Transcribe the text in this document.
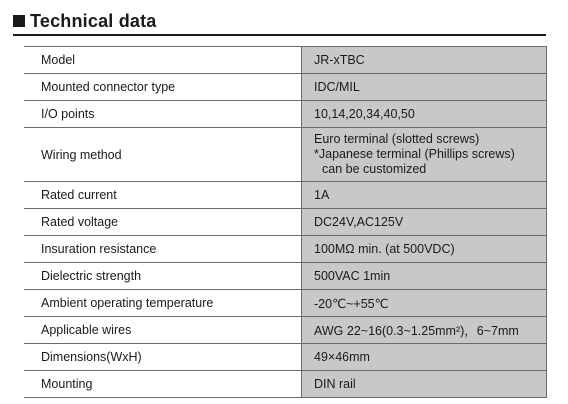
Technical data
Model	JR-xTBC
Mounted connector type	IDC/MIL
I/O points	10,14,20,34,40,50
Wiring method	Euro terminal (slotted screws)
*Japanese terminal (Phillips screws)
can be customized

Rated current	1A
Rated voltage	DC24V,AC125V
Insuration resistance	100MΩ min. (at 500VDC)
Dielectric strength	500VAC 1min
Ambient operating temperature	-20℃~+55℃
Applicable wires	AWG 22~16(0.3~1.25mm²)，6~7mm
Dimensions(WxH)	49×46mm
Mounting	DIN rail
